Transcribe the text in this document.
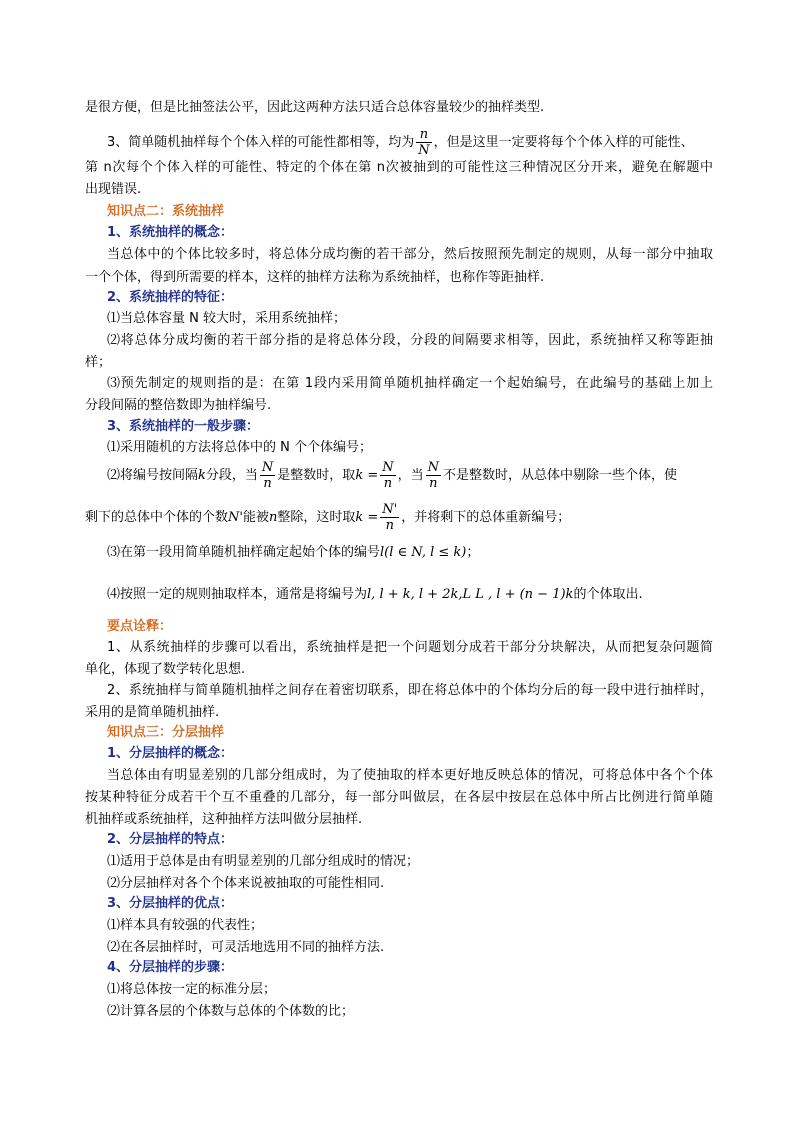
是很方便，但是比抽签法公平，因此这两种方法只适合总体容量较少的抽样类型.
3、简单随机抽样每个个体入样的可能性都相等，均为 $\frac{n}{N}$ ，但是这里一定要将每个个体入样的可能性、
第 n次每个个体入样的可能性、特定的个体在第 n次被抽到的可能性这三种情况区分开来，避免在解题中
出现错误.
知识点二：系统抽样
1、系统抽样的概念：
当总体中的个体比较多时，将总体分成均衡的若干部分，然后按照预先制定的规则，从每一部分中抽取
一个个体，得到所需要的样本，这样的抽样方法称为系统抽样，也称作等距抽样.
2、系统抽样的特征：
⑴当总体容量 N 较大时，采用系统抽样；
⑵将总体分成均衡的若干部分指的是将总体分段，分段的间隔要求相等，因此，系统抽样又称等距抽
样；
⑶预先制定的规则指的是：在第 1段内采用简单随机抽样确定一个起始编号，在此编号的基础上加上
分段间隔的整倍数即为抽样编号.
3、系统抽样的一般步骤：
⑴采用随机的方法将总体中的 N 个个体编号；
⑵将编号按间隔k分段，当 $\frac{N}{n}$ 是整数时，取$k = \frac{N}{n}$ ，当 $\frac{N}{n}$ 不是整数时，从总体中剔除一些个体，使
剩下的总体中个体的个数N'能被n整除，这时取$k = \frac{N'}{n}$ ，并将剩下的总体重新编号；
⑶在第一段用简单随机抽样确定起始个体的编号l(l ∈ N, l ≤ k)；
⑷按照一定的规则抽取样本，通常是将编号为l, l + k, l + 2k,L L , l + (n − 1)k的个体取出.
要点诠释：
1、从系统抽样的步骤可以看出，系统抽样是把一个问题划分成若干部分分块解决，从而把复杂问题简
单化，体现了数学转化思想.
2、系统抽样与简单随机抽样之间存在着密切联系，即在将总体中的个体均分后的每一段中进行抽样时，
采用的是简单随机抽样.
知识点三：分层抽样
1、分层抽样的概念：
当总体由有明显差别的几部分组成时，为了使抽取的样本更好地反映总体的情况，可将总体中各个个体
按某种特征分成若干个互不重叠的几部分，每一部分叫做层，在各层中按层在总体中所占比例进行简单随
机抽样或系统抽样，这种抽样方法叫做分层抽样.
2、分层抽样的特点：
⑴适用于总体是由有明显差别的几部分组成时的情况；
⑵分层抽样对各个个体来说被抽取的可能性相同.
3、分层抽样的优点：
⑴样本具有较强的代表性；
⑵在各层抽样时，可灵活地选用不同的抽样方法.
4、分层抽样的步骤：
⑴将总体按一定的标准分层；
⑵计算各层的个体数与总体的个体数的比；
